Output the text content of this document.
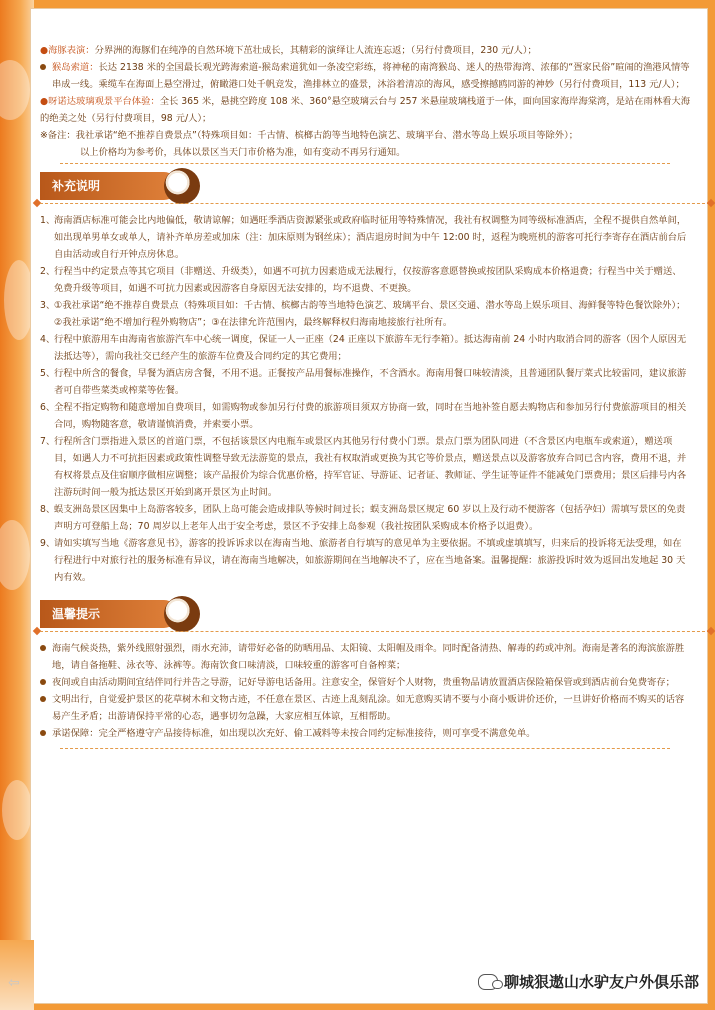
⇦

●海豚表演：分界洲的海豚们在纯净的自然环境下茁壮成长，其精彩的演绎让人流连忘返；（另行付费项目，230 元/人）；

猴岛索道：长达 2138 米的全国最长观光跨海索道-猴岛索道犹如一条凌空彩练，将神秘的南湾猴岛、迷人的热带海湾、浓郁的“疍家民俗”暄闹的渔港风情等串成一线。乘缆车在海面上悬空滑过，俯瞰港口处千帆竞发，渔排林立的盛景，沐浴着清凉的海风，感受擦撼鸥同游的神妙（另行付费项目，113 元/人）；

●呀诺达玻璃观景平台体验：全长 365 米，悬挑空跨度 108 米、360°悬空玻璃云台与 257 米悬崖玻璃栈道于一体，面向国家海岸海棠湾，是站在雨林看大海的绝美之处（另行付费项目，98 元/人）；

※备注：我社承诺“绝不推荐自费景点”（特殊项目如：千古情、槟榔古韵等当地特色演艺、玻璃平台、潜水等岛上娱乐项目等除外）；

以上价格均为参考价，具体以景区当天门市价格为准，如有变动不再另行通知。

补充说明

1、
海南酒店标准可能会比内地偏低，敬请谅解；如遇旺季酒店资源紧张或政府临时征用等特殊情况，我社有权调整为同等级标准酒店，全程不提供自然单间，如出现单男单女或单人，请补齐单房差或加床（注：加床原则为钢丝床）；酒店退房时间为中午 12:00 时，返程为晚班机的游客可托行李寄存在酒店前台后自由活动或自行开钟点房休息。

2、
行程当中约定景点等其它项目（非赠送、升级类），如遇不可抗力因素造成无法履行，仅按游客意愿替换或按团队采购成本价格退费；行程当中关于赠送、免费升级等项目，如遇不可抗力因素或因游客自身原因无法安排的，均不退费、不更换。

3、
①我社承诺“绝不推荐自费景点（特殊项目如：千古情、槟榔古韵等当地特色演艺、玻璃平台、景区交通、潜水等岛上娱乐项目、海鲜餐等特色餐饮除外）；②我社承诺“绝不增加行程外购物店”；③在法律允许范围内，最终解释权归海南地接旅行社所有。

4、
行程中旅游用车由海南省旅游汽车中心统一调度，保证一人一正座（24 正座以下旅游车无行李箱）。抵达海南前 24 小时内取消合同的游客（因个人原因无法抵达等），需向我社交已经产生的旅游车位费及合同约定的其它费用；

5、
行程中所含的餐食，早餐为酒店房含餐，不用不退。正餐按产品用餐标准操作，不含酒水。海南用餐口味较清淡，且普通团队餐厅菜式比较雷同，建议旅游者可自带些菜类或榨菜等佐餐。

6、
全程不指定购物和随意增加自费项目，如需购物或参加另行付费的旅游项目须双方协商一致，同时在当地补签自愿去购物店和参加另行付费旅游项目的相关合同，购物随客意，敬请谨慎消费，并索要小票。

7、
行程所含门票指进入景区的首道门票，不包括该景区内电瓶车或景区内其他另行付费小门票。景点门票为团队同进（不含景区内电瓶车或索道），赠送项目，如遇人力不可抗拒因素或政策性调整导致无法游览的景点，我社有权取消或更换为其它等价景点，赠送景点以及游客放弃合同已含内容，费用不退，并有权将景点及住宿顺序做相应调整；该产品报价为综合优惠价格，持军官证、导游证、记者证、教师证、学生证等证件不能减免门票费用；景区后排号内各注游玩时间一般为抵达景区开始到离开景区为止时间。

8、
蜈支洲岛景区因集中上岛游客较多，团队上岛可能会造成排队等候时间过长；蜈支洲岛景区规定 60 岁以上及行动不便游客（包括孕妇）需填写景区的免责声明方可登船上岛；70 周岁以上老年人出于安全考虑，景区不予安排上岛参观（我社按团队采购成本价格予以退费）。

9、
请如实填写当地《游客意见书》，游客的投诉诉求以在海南当地、旅游者自行填写的意见单为主要依据。不填或虚填填写，归来后的投诉将无法受理，如在行程进行中对旅行社的服务标准有异议，请在海南当地解决，如旅游期间在当地解决不了，应在当地备案。温馨提醒：旅游投诉时效为返回出发地起 30 天内有效。

温馨提示

海南气候炎热，紫外线照射强烈，雨水充沛，请带好必备的防晒用品、太阳镜、太阳帽及雨伞。同时配备清热、解毒的药或冲剂。海南是著名的海滨旅游胜地，请自备拖鞋、泳衣等、泳裤等。海南饮食口味清淡，口味较重的游客可自备榨菜；

夜间或自由活动期间宜结伴同行并告之导游，记好导游电话备用。注意安全，保管好个人财物，贵重物品请放置酒店保险箱保管或到酒店前台免费寄存；

文明出行，自觉爱护景区的花草树木和文物古迹，不任意在景区、古迹上乱刻乱涂。如无意购买请不要与小商小贩讲价还价，一旦讲好价格而不购买的话容易产生矛盾；出游请保持平常的心态，遇事切勿急躁，大家应相互体谅，互相帮助。

承诺保障：完全严格遵守产品接待标准，如出现以次充好、偷工减料等未按合同约定标准接待，则可享受不满意免单。

聊城狠遨山水驴友户外俱乐部
